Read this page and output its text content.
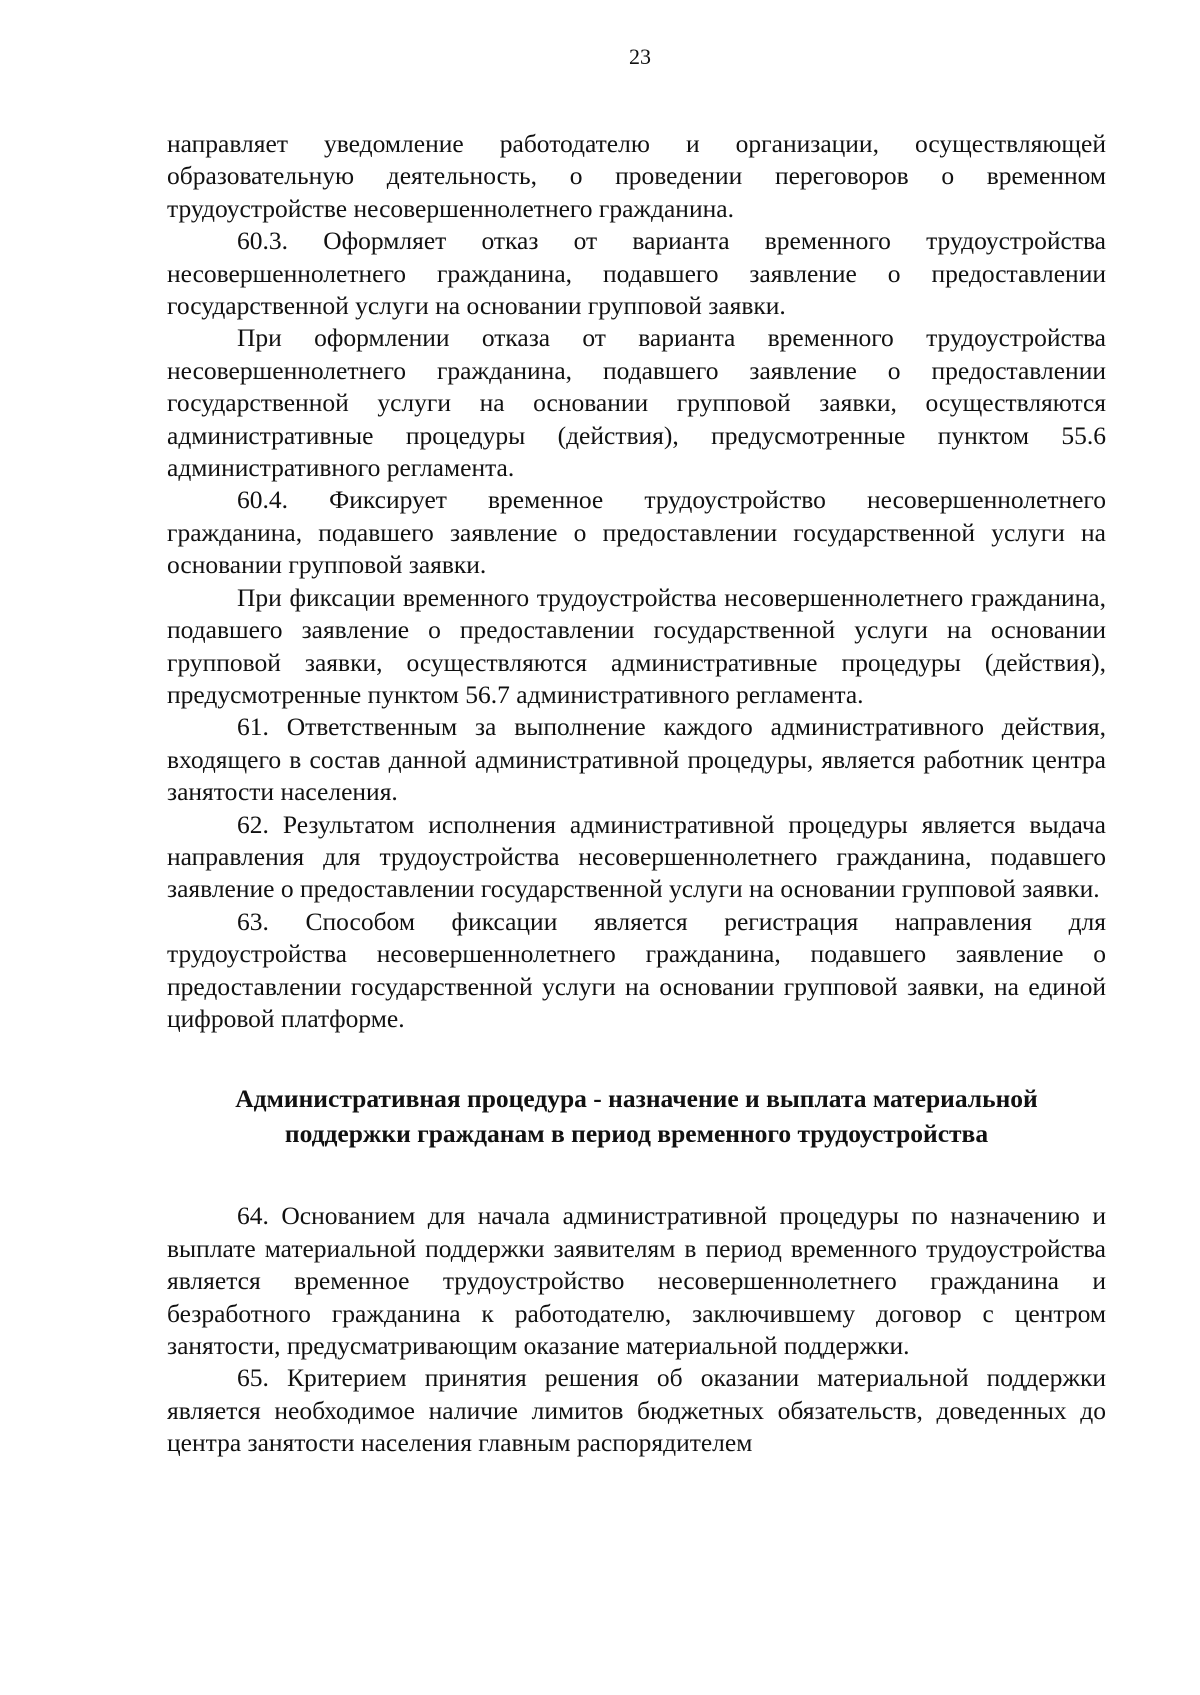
23

направляет уведомление работодателю и организации, осуществляющей образовательную деятельность, о проведении переговоров о временном трудоустройстве несовершеннолетнего гражданина.

60.3. Оформляет отказ от варианта временного трудоустройства несовершеннолетнего гражданина, подавшего заявление о предоставлении государственной услуги на основании групповой заявки.

При оформлении отказа от варианта временного трудоустройства несовершеннолетнего гражданина, подавшего заявление о предоставлении государственной услуги на основании групповой заявки, осуществляются административные процедуры (действия), предусмотренные пунктом 55.6 административного регламента.

60.4. Фиксирует временное трудоустройство несовершеннолетнего гражданина, подавшего заявление о предоставлении государственной услуги на основании групповой заявки.

При фиксации временного трудоустройства несовершеннолетнего гражданина, подавшего заявление о предоставлении государственной услуги на основании групповой заявки, осуществляются административные процедуры (действия), предусмотренные пунктом 56.7 административного регламента.

61. Ответственным за выполнение каждого административного действия, входящего в состав данной административной процедуры, является работник центра занятости населения.

62. Результатом исполнения административной процедуры является выдача направления для трудоустройства несовершеннолетнего гражданина, подавшего заявление о предоставлении государственной услуги на основании групповой заявки.

63. Способом фиксации является регистрация направления для трудоустройства несовершеннолетнего гражданина, подавшего заявление о предоставлении государственной услуги на основании групповой заявки, на единой цифровой платформе.

Административная процедура - назначение и выплата материальной поддержки гражданам в период временного трудоустройства

64. Основанием для начала административной процедуры по назначению и выплате материальной поддержки заявителям в период временного трудоустройства является временное трудоустройство несовершеннолетнего гражданина и безработного гражданина к работодателю, заключившему договор с центром занятости, предусматривающим оказание материальной поддержки.

65. Критерием принятия решения об оказании материальной поддержки является необходимое наличие лимитов бюджетных обязательств, доведенных до центра занятости населения главным распорядителем
